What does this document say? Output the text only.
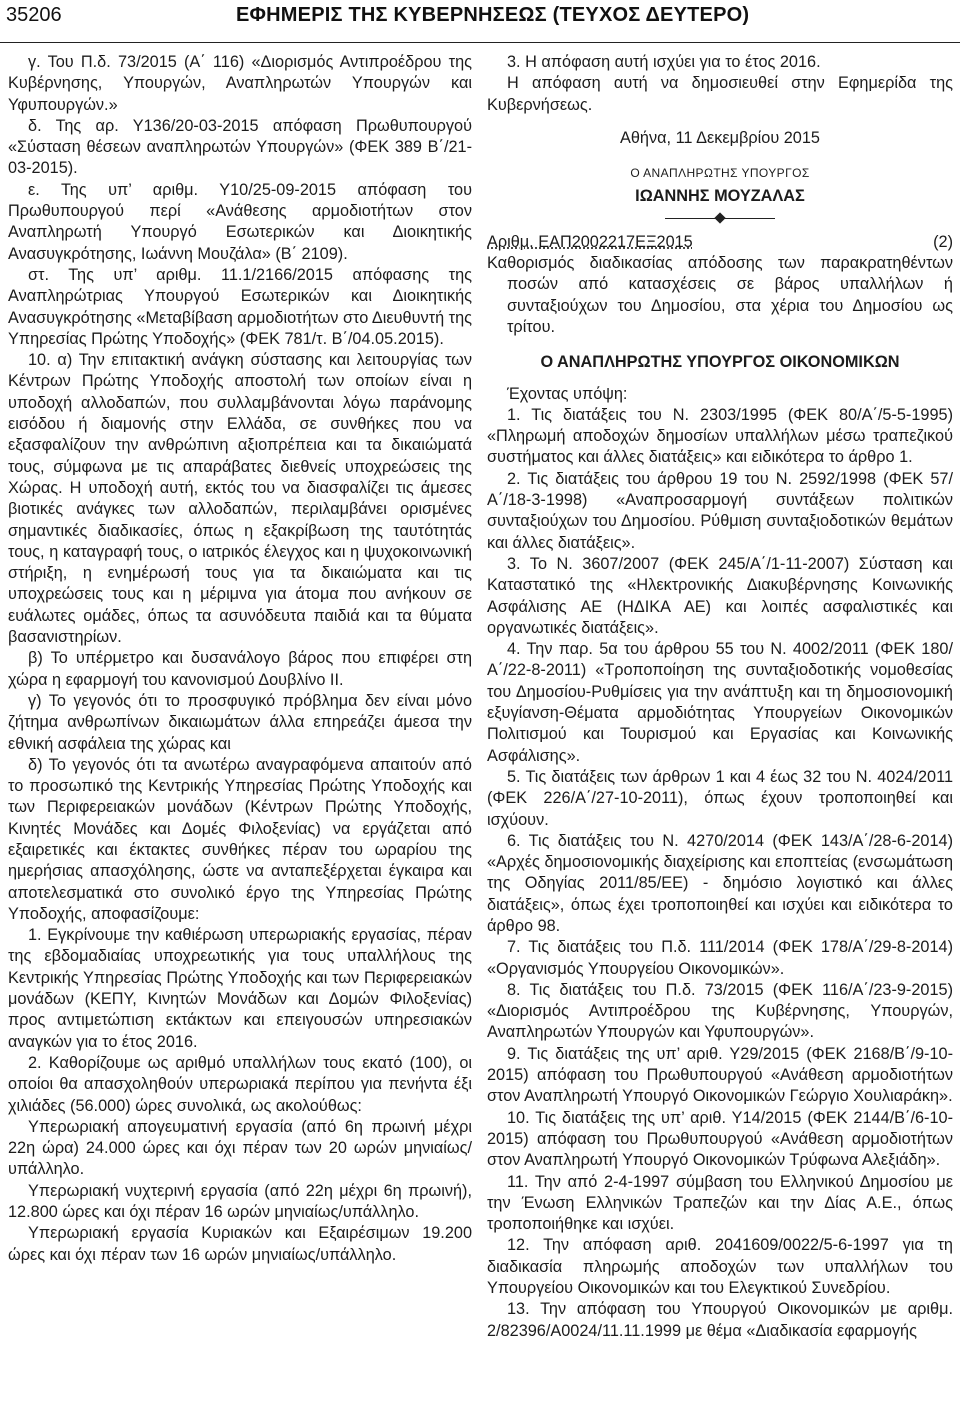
35206	ΕΦΗΜΕΡΙΣ ΤΗΣ ΚΥΒΕΡΝΗΣΕΩΣ (ΤΕΥΧΟΣ ΔΕΥΤΕΡΟ)

γ. Του Π.δ. 73/2015 (Α΄ 116) «Διορισμός Αντιπροέδρου της Κυβέρνησης, Υπουργών, Αναπληρωτών Υπουργών και Υφυπουργών.»

δ. Της αρ. Υ136/20-03-2015 απόφαση Πρωθυπουργού «Σύσταση θέσεων αναπληρωτών Υπουργών» (ΦΕΚ 389 Β΄/21-03-2015).

ε. Της υπ’ αριθμ. Υ10/25-09-2015 απόφαση του Πρωθυπουργού περί «Ανάθεσης αρμοδιοτήτων στον Αναπληρωτή Υπουργό Εσωτερικών και Διοικητικής Ανασυγκρότησης, Ιωάννη Μουζάλα» (Β΄ 2109).

στ. Της υπ’ αριθμ. 11.1/2166/2015 απόφασης της Αναπληρώτριας Υπουργού Εσωτερικών και Διοικητικής Ανασυγκρότησης «Μεταβίβαση αρμοδιοτήτων στο Διευθυντή της Υπηρεσίας Πρώτης Υποδοχής» (ΦΕΚ 781/τ. Β΄/04.05.2015).

10. α) Την επιτακτική ανάγκη σύστασης και λειτουργίας των Κέντρων Πρώτης Υποδοχής αποστολή των οποίων είναι η υποδοχή αλλοδαπών, που συλλαμβάνονται λόγω παράνομης εισόδου ή διαμονής στην Ελλάδα, σε συνθήκες που να εξασφαλίζουν την ανθρώπινη αξιοπρέπεια και τα δικαιώματά τους, σύμφωνα με τις απαράβατες διεθνείς υποχρεώσεις της Χώρας. Η υποδοχή αυτή, εκτός του να διασφαλίζει τις άμεσες βιοτικές ανάγκες των αλλοδαπών, περιλαμβάνει ορισμένες σημαντικές διαδικασίες, όπως η εξακρίβωση της ταυτότητάς τους, η καταγραφή τους, ο ιατρικός έλεγχος και η ψυχοκοινωνική στήριξη, η ενημέρωσή τους για τα δικαιώματα και τις υποχρεώσεις τους και η μέριμνα για άτομα που ανήκουν σε ευάλωτες ομάδες, όπως τα ασυνόδευτα παιδιά και τα θύματα βασανιστηρίων.

β) Το υπέρμετρο και δυσανάλογο βάρος που επιφέρει στη χώρα η εφαρμογή του κανονισμού Δουβλίνο ΙΙ.

γ) Το γεγονός ότι το προσφυγικό πρόβλημα δεν είναι μόνο ζήτημα ανθρωπίνων δικαιωμάτων άλλα επηρεάζει άμεσα την εθνική ασφάλεια της χώρας και

δ) Το γεγονός ότι τα ανωτέρω αναγραφόμενα απαιτούν από το προσωπικό της Κεντρικής Υπηρεσίας Πρώτης Υποδοχής και των Περιφερειακών μονάδων (Κέντρων Πρώτης Υποδοχής, Κινητές Μονάδες και Δομές Φιλοξενίας) να εργάζεται από εξαιρετικές και έκτακτες συνθήκες πέραν του ωραρίου της ημερήσιας απασχόλησης, ώστε να ανταπεξέρχεται έγκαιρα και αποτελεσματικά στο συνολικό έργο της Υπηρεσίας Πρώτης Υποδοχής, αποφασίζουμε:

1. Εγκρίνουμε την καθιέρωση υπερωριακής εργασίας, πέραν της εβδομαδιαίας υποχρεωτικής για τους υπαλλήλους της Κεντρικής Υπηρεσίας Πρώτης Υποδοχής και των Περιφερειακών μονάδων (ΚΕΠΥ, Κινητών Μονάδων και Δομών Φιλοξενίας) προς αντιμετώπιση εκτάκτων και επειγουσών υπηρεσιακών αναγκών για το έτος 2016.

2. Καθορίζουμε ως αριθμό υπαλλήλων τους εκατό (100), οι οποίοι θα απασχοληθούν υπερωριακά περίπου για πενήντα έξι χιλιάδες (56.000) ώρες συνολικά, ως ακολούθως:

Υπερωριακή απογευματινή εργασία (από 6η πρωινή μέχρι 22η ώρα) 24.000 ώρες και όχι πέραν των 20 ωρών μηνιαίως/υπάλληλο.

Υπερωριακή νυχτερινή εργασία (από 22η μέχρι 6η πρωινή), 12.800 ώρες και όχι πέραν 16 ωρών μηνιαίως/υπάλληλο.

Υπερωριακή εργασία Κυριακών και Εξαιρέσιμων 19.200 ώρες και όχι πέραν των 16 ωρών μηνιαίως/υπάλληλο.

3. Η απόφαση αυτή ισχύει για το έτος 2016.

Η απόφαση αυτή να δημοσιευθεί στην Εφημερίδα της Κυβερνήσεως.

Αθήνα, 11 Δεκεμβρίου 2015

Ο ΑΝΑΠΛΗΡΩΤΗΣ ΥΠΟΥΡΓΟΣ

ΙΩΑΝΝΗΣ ΜΟΥΖΑΛΑΣ

Αριθμ. ΕΑΠ2002217ΕΞ2015	(2)

Καθορισμός διαδικασίας απόδοσης των παρακρατηθέντων ποσών από κατασχέσεις σε βάρος υπαλλήλων ή συνταξιούχων του Δημοσίου, στα χέρια του Δημοσίου ως τρίτου.

Ο ΑΝΑΠΛΗΡΩΤΗΣ ΥΠΟΥΡΓΟΣ ΟΙΚΟΝΟΜΙΚΩΝ

Έχοντας υπόψη:

1. Τις διατάξεις του Ν. 2303/1995 (ΦΕΚ 80/Α΄/5-5-1995) «Πληρωμή αποδοχών δημοσίων υπαλλήλων μέσω τραπεζικού συστήματος και άλλες διατάξεις» και ειδικότερα το άρθρο 1.

2. Τις διατάξεις του άρθρου 19 του Ν. 2592/1998 (ΦΕΚ 57/Α΄/18-3-1998) «Αναπροσαρμογή συντάξεων πολιτικών συνταξιούχων του Δημοσίου. Ρύθμιση συνταξιοδοτικών θεμάτων και άλλες διατάξεις».

3. Το Ν. 3607/2007 (ΦΕΚ 245/Α΄/1-11-2007) Σύσταση και Καταστατικό της «Ηλεκτρονικής Διακυβέρνησης Κοινωνικής Ασφάλισης ΑΕ (ΗΔΙΚΑ ΑΕ) και λοιπές ασφαλιστικές και οργανωτικές διατάξεις».

4. Την παρ. 5α του άρθρου 55 του Ν. 4002/2011 (ΦΕΚ 180/Α΄/22-8-2011) «Τροποποίηση της συνταξιοδοτικής νομοθεσίας του Δημοσίου-Ρυθμίσεις για την ανάπτυξη και τη δημοσιονομική εξυγίανση-Θέματα αρμοδιότητας Υπουργείων Οικονομικών Πολιτισμού και Τουρισμού και Εργασίας και Κοινωνικής Ασφάλισης».

5. Τις διατάξεις των άρθρων 1 και 4 έως 32 του Ν. 4024/2011 (ΦΕΚ 226/Α΄/27-10-2011), όπως έχουν τροποποιηθεί και ισχύουν.

6. Τις διατάξεις του Ν. 4270/2014 (ΦΕΚ 143/Α΄/28-6-2014) «Αρχές δημοσιονομικής διαχείρισης και εποπτείας (ενσωμάτωση της Οδηγίας 2011/85/ΕΕ) - δημόσιο λογιστικό και άλλες διατάξεις», όπως έχει τροποποιηθεί και ισχύει και ειδικότερα το άρθρο 98.

7. Τις διατάξεις του Π.δ. 111/2014 (ΦΕΚ 178/Α΄/29-8-2014) «Οργανισμός Υπουργείου Οικονομικών».

8. Τις διατάξεις του Π.δ. 73/2015 (ΦΕΚ 116/Α΄/23-9-2015) «Διορισμός Αντιπροέδρου της Κυβέρνησης, Υπουργών, Αναπληρωτών Υπουργών και Υφυπουργών».

9. Τις διατάξεις της υπ’ αριθ. Υ29/2015 (ΦΕΚ 2168/Β΄/9-10-2015) απόφαση του Πρωθυπουργού «Ανάθεση αρμοδιοτήτων στον Αναπληρωτή Υπουργό Οικονομικών Γεώργιο Χουλιαράκη».

10. Τις διατάξεις της υπ’ αριθ. Υ14/2015 (ΦΕΚ 2144/Β΄/6-10-2015) απόφαση του Πρωθυπουργού «Ανάθεση αρμοδιοτήτων στον Αναπληρωτή Υπουργό Οικονομικών Τρύφωνα Αλεξιάδη».

11. Την από 2-4-1997 σύμβαση του Ελληνικού Δημοσίου με την Ένωση Ελληνικών Τραπεζών και την Δίας Α.Ε., όπως τροποποιήθηκε και ισχύει.

12. Την απόφαση αριθ. 2041609/0022/5-6-1997 για τη διαδικασία πληρωμής αποδοχών των υπαλλήλων του Υπουργείου Οικονομικών και του Ελεγκτικού Συνεδρίου.

13. Την απόφαση του Υπουργού Οικονομικών με αριθμ. 2/82396/Α0024/11.11.1999 με θέμα «Διαδικασία εφαρμογής
